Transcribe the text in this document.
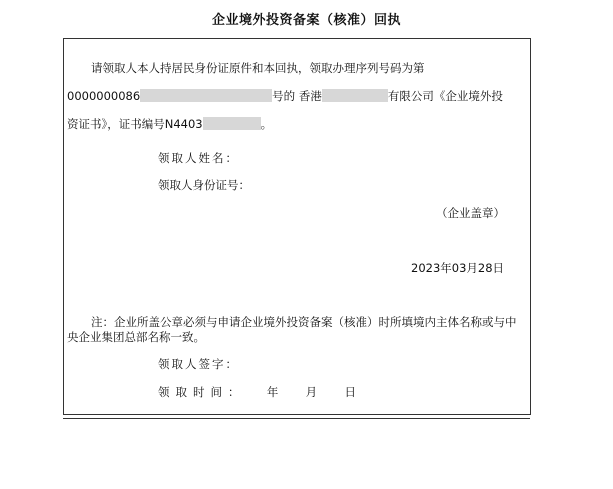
企业境外投资备案（核准）回执
请领取人本人持居民身份证原件和本回执，领取办理序列号码为第
0000000086	号的 香港	有限公司《企业境外投
资证书》，证书编号N4403	。
领取人姓名：
领取人身份证号：
（企业盖章）
2023年03月28日
注：企业所盖公章必须与申请企业境外投资备案（核准）时所填境内主体名称或与中
央企业集团总部名称一致。
领取人签字：
领取时间： 年 月 日
